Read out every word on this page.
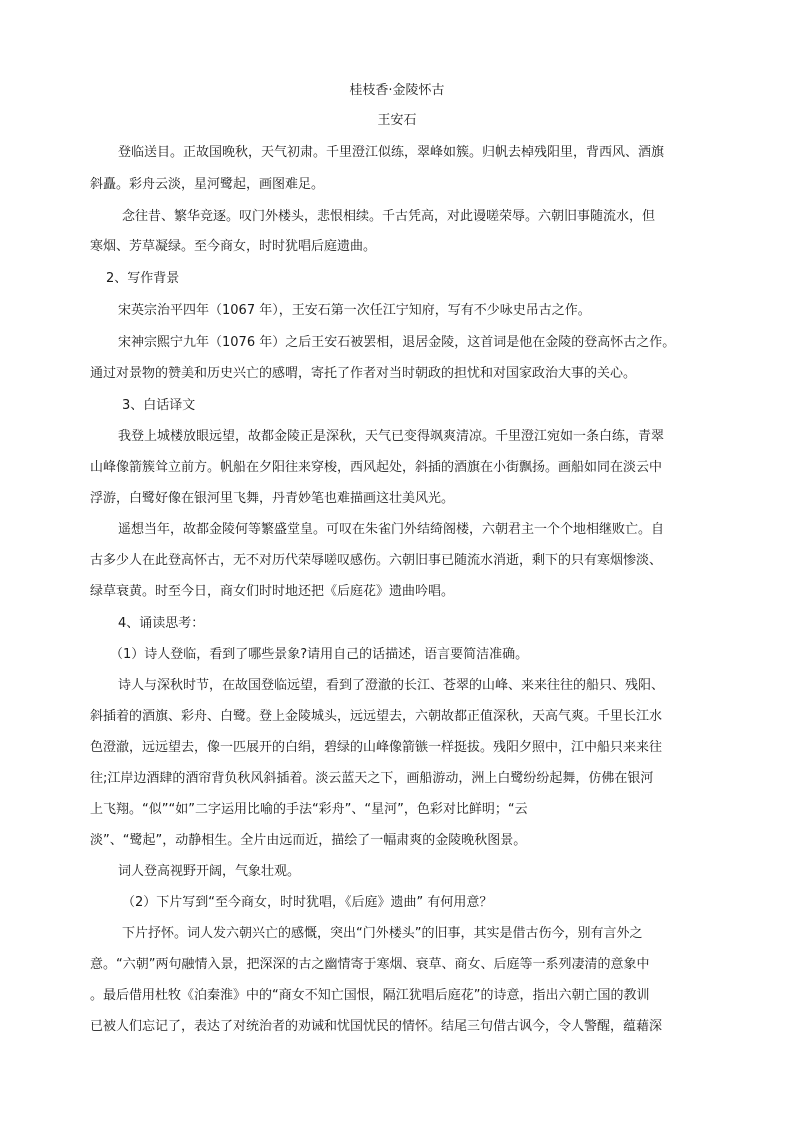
桂枝香·金陵怀古
王安石
登临送目。正故国晚秋，天气初肃。千里澄江似练，翠峰如簇。归帆去棹残阳里，背西风、酒旗
斜矗。彩舟云淡，星河鹭起，画图难足。
念往昔、繁华竞逐。叹门外楼头，悲恨相续。千古凭高，对此谩嗟荣辱。六朝旧事随流水，但
寒烟、芳草凝绿。至今商女，时时犹唱后庭遗曲。
2、写作背景
宋英宗治平四年（1067 年），王安石第一次任江宁知府，写有不少咏史吊古之作。
宋神宗熙宁九年（1076 年）之后王安石被罢相，退居金陵，这首词是他在金陵的登高怀古之作。
通过对景物的赞美和历史兴亡的感喟，寄托了作者对当时朝政的担忧和对国家政治大事的关心。
3、白话译文
我登上城楼放眼远望，故都金陵正是深秋，天气已变得飒爽清凉。千里澄江宛如一条白练，青翠
山峰像箭簇耸立前方。帆船在夕阳往来穿梭，西风起处，斜插的酒旗在小街飘扬。画船如同在淡云中
浮游，白鹭好像在银河里飞舞，丹青妙笔也难描画这壮美风光。
遥想当年，故都金陵何等繁盛堂皇。可叹在朱雀门外结绮阁楼，六朝君主一个个地相继败亡。自
古多少人在此登高怀古，无不对历代荣辱嗟叹感伤。六朝旧事已随流水消逝，剩下的只有寒烟惨淡、
绿草衰黄。时至今日，商女们时时地还把《后庭花》遗曲吟唱。
4、诵读思考：
（1）诗人登临，看到了哪些景象?请用自己的话描述，语言要简洁准确。
诗人与深秋时节，在故国登临远望，看到了澄澈的长江、苍翠的山峰、来来往往的船只、残阳、
斜插着的酒旗、彩舟、白鹭。登上金陵城头，远远望去，六朝故都正值深秋，天高气爽。千里长江水
色澄澈，远远望去，像一匹展开的白绢，碧绿的山峰像箭镞一样挺拔。残阳夕照中，江中船只来来往
往;江岸边酒肆的酒帘背负秋风斜插着。淡云蓝天之下，画船游动，洲上白鹭纷纷起舞，仿佛在银河
上飞翔。“似”“如”二字运用比喻的手法“彩舟”、“星河”，色彩对比鲜明；“云
淡”、“鹭起”，动静相生。全片由远而近，描绘了一幅肃爽的金陵晚秋图景。
词人登高视野开阔，气象壮观。
（2）下片写到“至今商女，时时犹唱，《后庭》遗曲” 有何用意？
下片抒怀。词人发六朝兴亡的感慨，突出“门外楼头”的旧事，其实是借古伤今，别有言外之
意。“六朝”两句融情入景，把深深的古之幽情寄于寒烟、衰草、商女、后庭等一系列凄清的意象中
。最后借用杜牧《泊秦淮》中的“商女不知亡国恨，隔江犹唱后庭花”的诗意，指出六朝亡国的教训
已被人们忘记了，表达了对统治者的劝诫和忧国忧民的情怀。结尾三句借古讽今，令人警醒，蕴藉深
